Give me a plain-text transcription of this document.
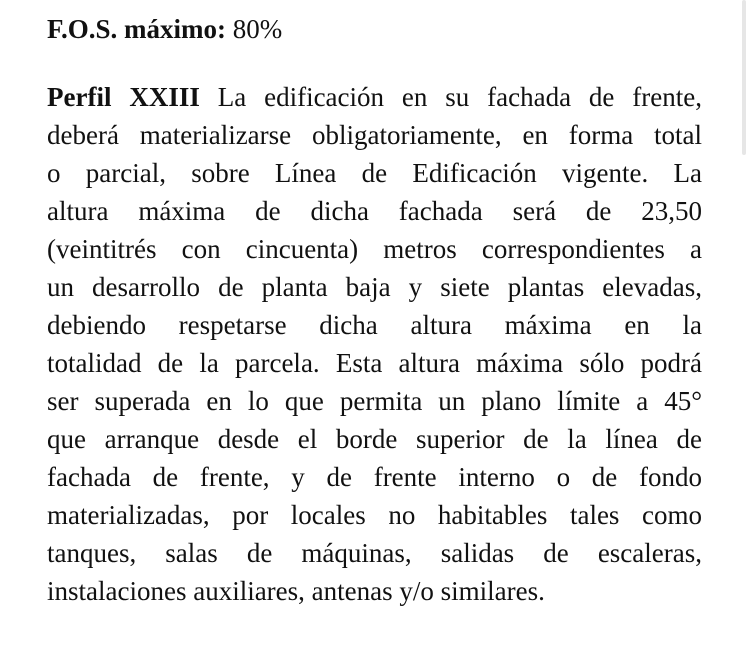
F.O.S. máximo: 80%
Perfil XXIII La edificación en su fachada de frente,
deberá materializarse obligatoriamente, en forma total
o parcial, sobre Línea de Edificación vigente. La
altura máxima de dicha fachada será de 23,50
(veintitrés con cincuenta) metros correspondientes a
un desarrollo de planta baja y siete plantas elevadas,
debiendo respetarse dicha altura máxima en la
totalidad de la parcela. Esta altura máxima sólo podrá
ser superada en lo que permita un plano límite a 45°
que arranque desde el borde superior de la línea de
fachada de frente, y de frente interno o de fondo
materializadas, por locales no habitables tales como
tanques, salas de máquinas, salidas de escaleras,
instalaciones auxiliares, antenas y/o similares.
